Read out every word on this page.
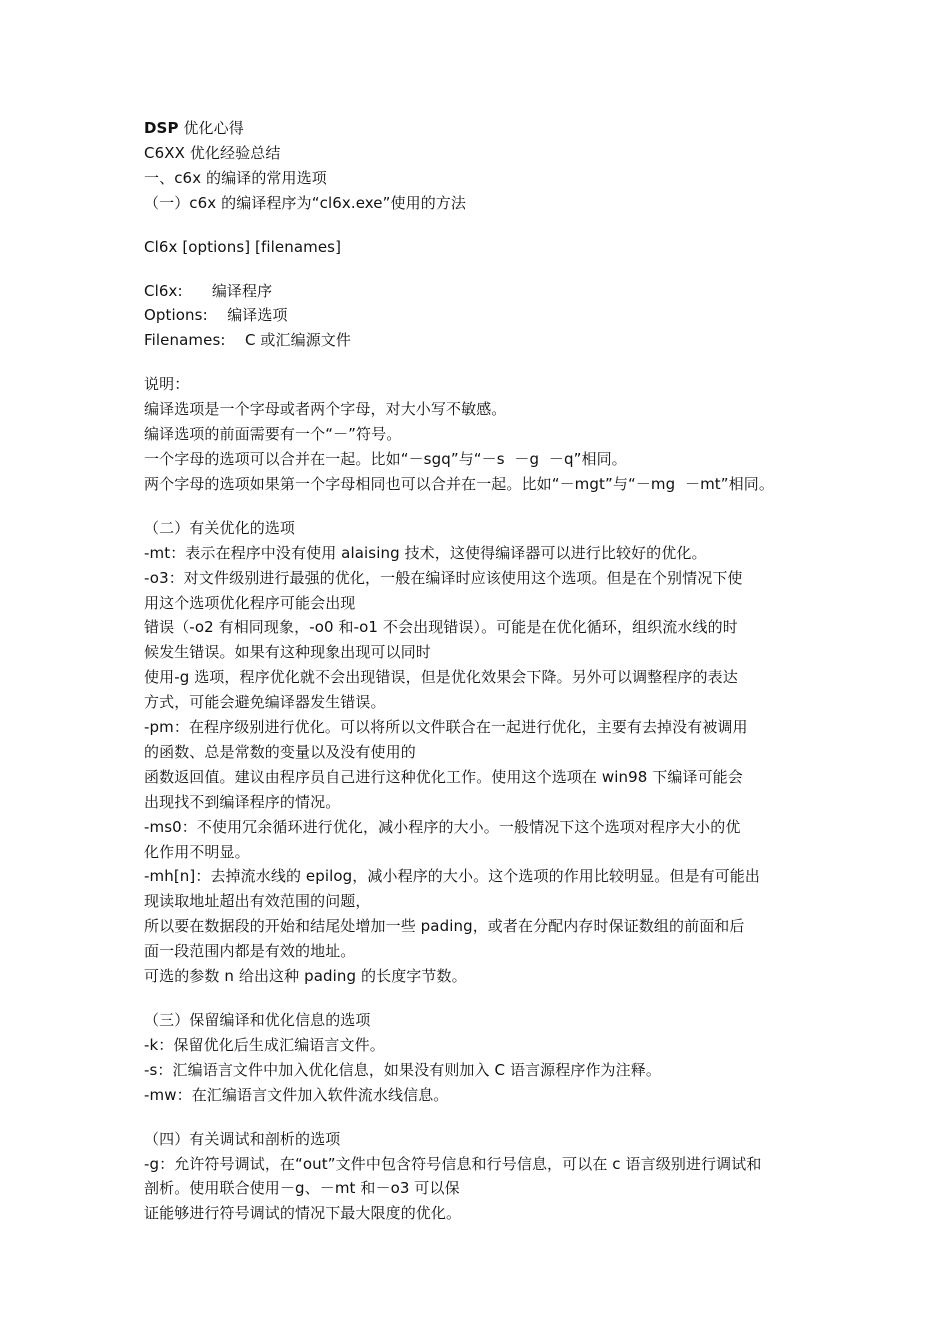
DSP 优化心得
C6XX 优化经验总结
一、c6x 的编译的常用选项
（一）c6x 的编译程序为“cl6x.exe”使用的方法
Cl6x [options] [filenames]
Cl6x:      编译程序
Options:    编译选项
Filenames:    C 或汇编源文件
说明：
编译选项是一个字母或者两个字母，对大小写不敏感。
编译选项的前面需要有一个“－”符号。
一个字母的选项可以合并在一起。比如“－sgq”与“－s  －g  －q”相同。
两个字母的选项如果第一个字母相同也可以合并在一起。比如“－mgt”与“－mg  －mt”相同。
（二）有关优化的选项
-mt：表示在程序中没有使用 alaising 技术，这使得编译器可以进行比较好的优化。
-o3：对文件级别进行最强的优化，一般在编译时应该使用这个选项。但是在个别情况下使
用这个选项优化程序可能会出现
错误（-o2 有相同现象，-o0 和-o1 不会出现错误）。可能是在优化循环，组织流水线的时
候发生错误。如果有这种现象出现可以同时
使用-g 选项，程序优化就不会出现错误，但是优化效果会下降。另外可以调整程序的表达
方式，可能会避免编译器发生错误。
-pm：在程序级别进行优化。可以将所以文件联合在一起进行优化，主要有去掉没有被调用
的函数、总是常数的变量以及没有使用的
函数返回值。建议由程序员自己进行这种优化工作。使用这个选项在 win98 下编译可能会
出现找不到编译程序的情况。
-ms0：不使用冗余循环进行优化，减小程序的大小。一般情况下这个选项对程序大小的优
化作用不明显。
-mh[n]：去掉流水线的 epilog，减小程序的大小。这个选项的作用比较明显。但是有可能出
现读取地址超出有效范围的问题，
所以要在数据段的开始和结尾处增加一些 pading，或者在分配内存时保证数组的前面和后
面一段范围内都是有效的地址。
可选的参数 n 给出这种 pading 的长度字节数。
（三）保留编译和优化信息的选项
-k：保留优化后生成汇编语言文件。
-s：汇编语言文件中加入优化信息，如果没有则加入 C 语言源程序作为注释。
-mw：在汇编语言文件加入软件流水线信息。
（四）有关调试和剖析的选项
-g：允许符号调试，在“out”文件中包含符号信息和行号信息，可以在 c 语言级别进行调试和
剖析。使用联合使用－g、－mt 和－o3 可以保
证能够进行符号调试的情况下最大限度的优化。
